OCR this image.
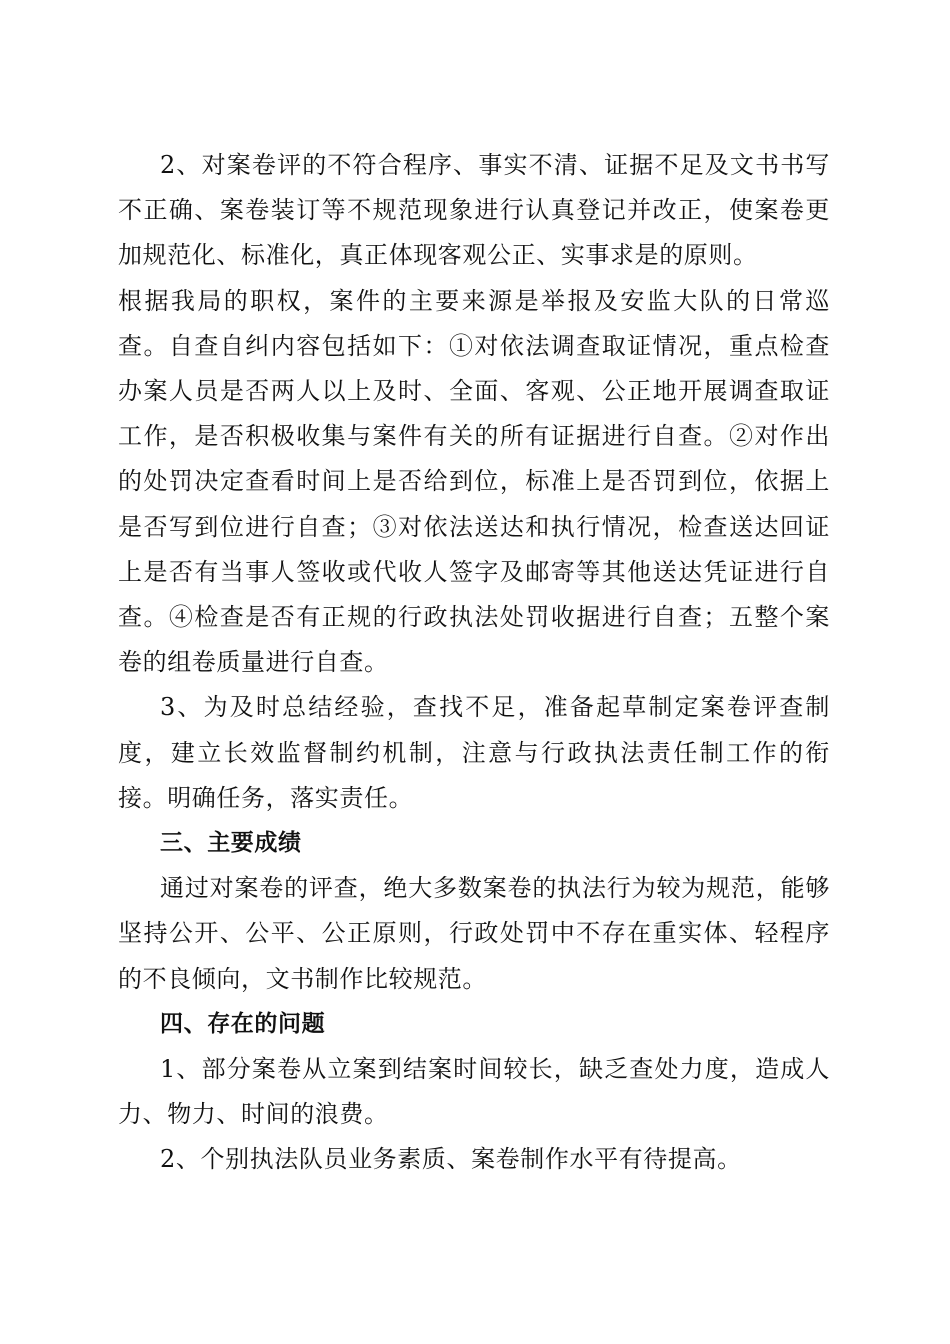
2、对案卷评的不符合程序、事实不清、证据不足及文书书写不正确、案卷装订等不规范现象进行认真登记并改正，使案卷更加规范化、标准化，真正体现客观公正、实事求是的原则。

根据我局的职权，案件的主要来源是举报及安监大队的日常巡查。自查自纠内容包括如下：①对依法调查取证情况，重点检查办案人员是否两人以上及时、全面、客观、公正地开展调查取证工作，是否积极收集与案件有关的所有证据进行自查。②对作出的处罚决定查看时间上是否给到位，标准上是否罚到位，依据上是否写到位进行自查；③对依法送达和执行情况，检查送达回证上是否有当事人签收或代收人签字及邮寄等其他送达凭证进行自查。④检查是否有正规的行政执法处罚收据进行自查；五整个案卷的组卷质量进行自查。

3、为及时总结经验，查找不足，准备起草制定案卷评查制度，建立长效监督制约机制，注意与行政执法责任制工作的衔接。明确任务，落实责任。

三、主要成绩

通过对案卷的评查，绝大多数案卷的执法行为较为规范，能够坚持公开、公平、公正原则，行政处罚中不存在重实体、轻程序的不良倾向，文书制作比较规范。

四、存在的问题

1、部分案卷从立案到结案时间较长，缺乏查处力度，造成人力、物力、时间的浪费。

2、个别执法队员业务素质、案卷制作水平有待提高。
